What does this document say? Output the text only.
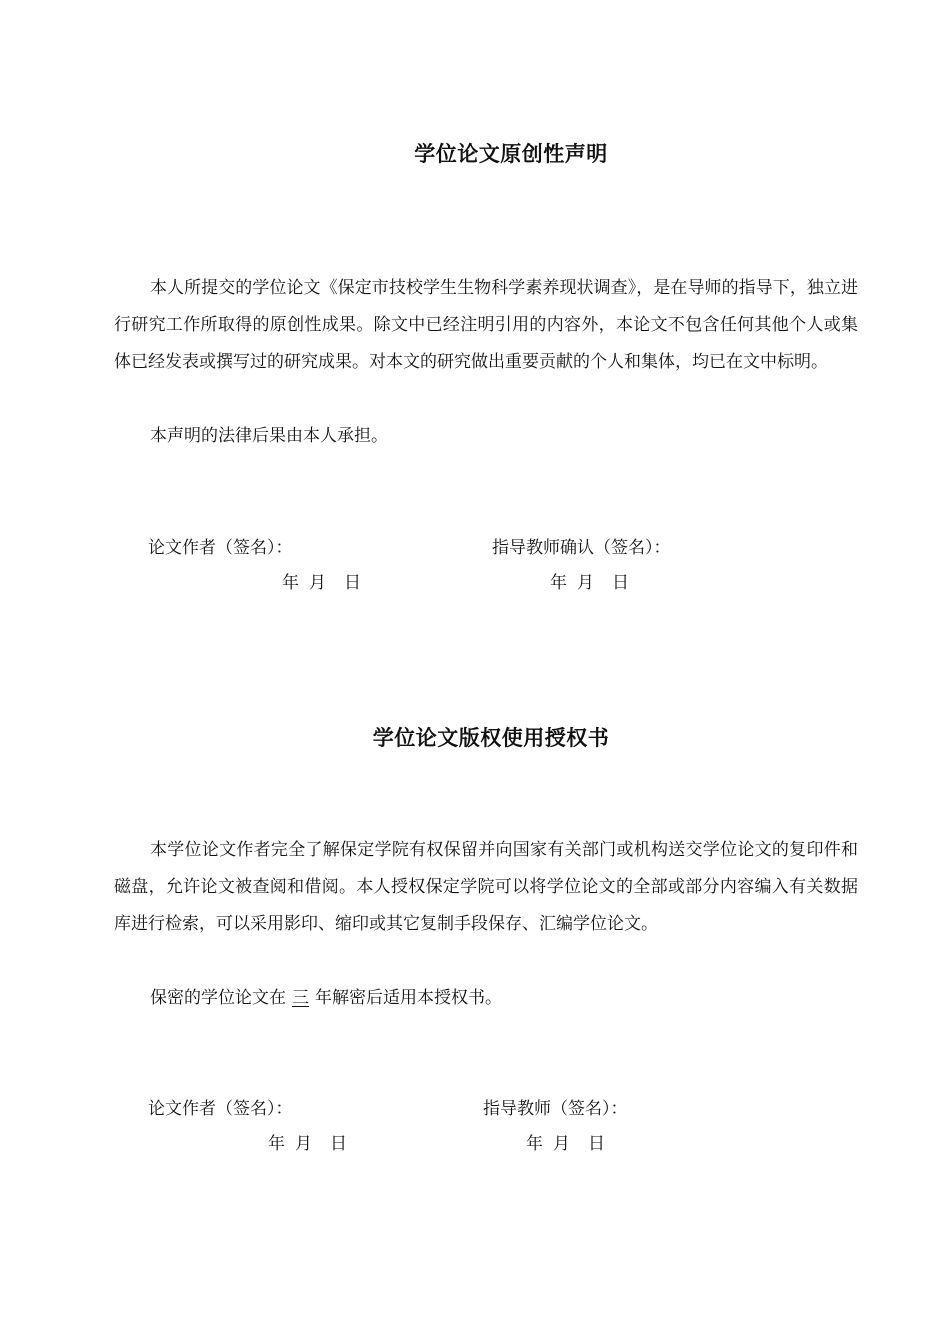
学位论文原创性声明

本人所提交的学位论文《保定市技校学生生物科学素养现状调查》，是在导师的指导下，独立进行研究工作所取得的原创性成果。除文中已经注明引用的内容外，本论文不包含任何其他个人或集体已经发表或撰写过的研究成果。对本文的研究做出重要贡献的个人和集体，均已在文中标明。

本声明的法律后果由本人承担。

论文作者（签名）：	指导教师确认（签名）：
年 月 日	年 月 日
学位论文版权使用授权书

本学位论文作者完全了解保定学院有权保留并向国家有关部门或机构送交学位论文的复印件和磁盘，允许论文被查阅和借阅。本人授权保定学院可以将学位论文的全部或部分内容编入有关数据库进行检索，可以采用影印、缩印或其它复制手段保存、汇编学位论文。

保密的学位论文在 三 年解密后适用本授权书。

论文作者（签名）：	指导教师（签名）：
年 月 日	年 月 日
